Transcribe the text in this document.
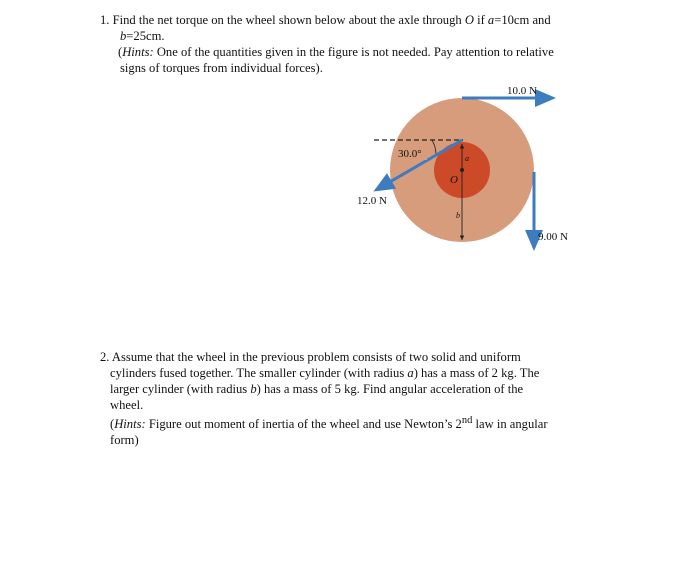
1. Find the net torque on the wheel shown below about the axle through O if a=10cm and
b=25cm.
(Hints: One of the quantities given in the figure is not needed. Pay attention to relative
signs of torques from individual forces).
30.0°
10.0 N
12.0 N
9.00 N
O
a
b
2. Assume that the wheel in the previous problem consists of two solid and uniform
cylinders fused together. The smaller cylinder (with radius a) has a mass of 2 kg. The
larger cylinder (with radius b) has a mass of 5 kg. Find angular acceleration of the
wheel.
(Hints: Figure out moment of inertia of the wheel and use Newton’s 2nd law in angular
form)
